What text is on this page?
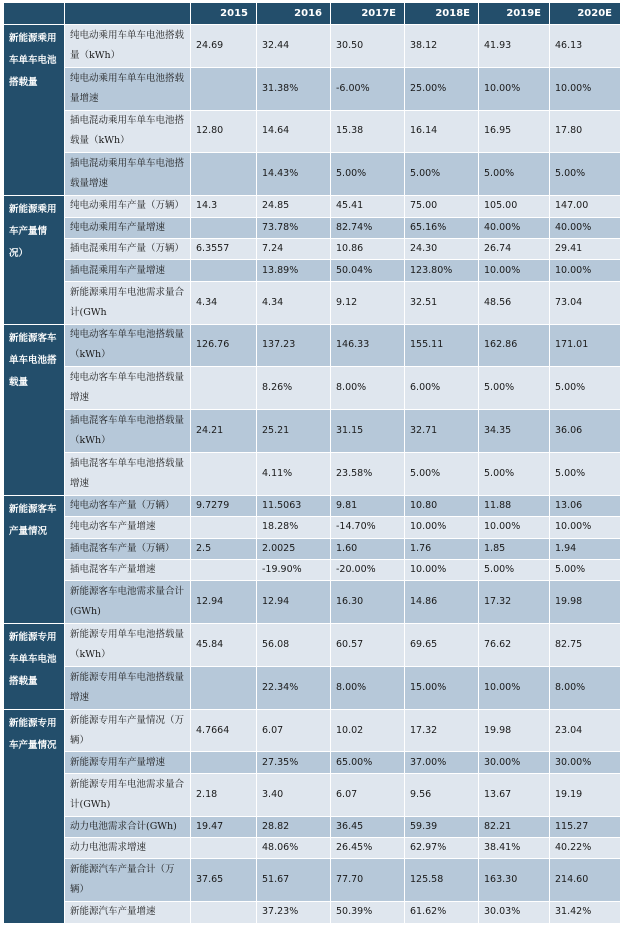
		2015	2016	2017E	2018E	2019E	2020E
新能源乘用车单车电池搭载量	纯电动乘用车单车电池搭载量（kWh）	24.69	32.44	30.50	38.12	41.93	46.13
	纯电动乘用车单车电池搭载量增速		31.38%	-6.00%	25.00%	10.00%	10.00%
	插电混动乘用车单车电池搭载量（kWh）	12.80	14.64	15.38	16.14	16.95	17.80
	插电混动乘用车单车电池搭载量增速		14.43%	5.00%	5.00%	5.00%	5.00%
新能源乘用车产量情况）	纯电动乘用车产量（万辆）	14.3	24.85	45.41	75.00	105.00	147.00
	纯电动乘用车产量增速		73.78%	82.74%	65.16%	40.00%	40.00%
	插电混乘用车产量（万辆）	6.3557	7.24	10.86	24.30	26.74	29.41
	插电混乘用车产量增速		13.89%	50.04%	123.80%	10.00%	10.00%
	新能源乘用车电池需求量合计(GWh	4.34	4.34	9.12	32.51	48.56	73.04
新能源客车单车电池搭载量	纯电动客车单车电池搭载量（kWh）	126.76	137.23	146.33	155.11	162.86	171.01
	纯电动客车单车电池搭载量增速		8.26%	8.00%	6.00%	5.00%	5.00%
	插电混客车单车电池搭载量（kWh）	24.21	25.21	31.15	32.71	34.35	36.06
	插电混客车单车电池搭载量增速		4.11%	23.58%	5.00%	5.00%	5.00%
新能源客车产量情况	纯电动客车产量（万辆）	9.7279	11.5063	9.81	10.80	11.88	13.06
	纯电动客车产量增速		18.28%	-14.70%	10.00%	10.00%	10.00%
	插电混客车产量（万辆）	2.5	2.0025	1.60	1.76	1.85	1.94
	插电混客车产量增速		-19.90%	-20.00%	10.00%	5.00%	5.00%
	新能源客车电池需求量合计(GWh)	12.94	12.94	16.30	14.86	17.32	19.98
新能源专用车单车电池搭载量	新能源专用单车电池搭载量（kWh）	45.84	56.08	60.57	69.65	76.62	82.75
	新能源专用单车电池搭载量增速		22.34%	8.00%	15.00%	10.00%	8.00%
新能源专用车产量情况	新能源专用车产量情况（万辆）	4.7664	6.07	10.02	17.32	19.98	23.04
	新能源专用车产量增速		27.35%	65.00%	37.00%	30.00%	30.00%
	新能源专用车电池需求量合计(GWh)	2.18	3.40	6.07	9.56	13.67	19.19
	动力电池需求合计(GWh)	19.47	28.82	36.45	59.39	82.21	115.27
	动力电池需求增速		48.06%	26.45%	62.97%	38.41%	40.22%
	新能源汽车产量合计（万辆）	37.65	51.67	77.70	125.58	163.30	214.60
	新能源汽车产量增速		37.23%	50.39%	61.62%	30.03%	31.42%
